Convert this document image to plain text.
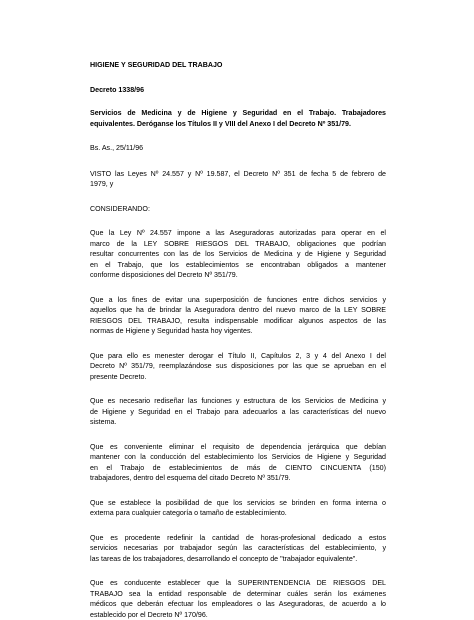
HIGIENE Y SEGURIDAD DEL TRABAJO

Decreto 1338/96

Servicios de Medicina y de Higiene y Seguridad en el Trabajo. Trabajadores
equivalentes. Deróganse los Títulos II y VIII del Anexo I del Decreto Nº 351/79.

Bs. As., 25/11/96

VISTO las Leyes Nº 24.557 y Nº 19.587, el Decreto Nº 351 de fecha 5 de febrero de
1979, y

CONSIDERANDO:

Que la Ley Nº 24.557 impone a las Aseguradoras autorizadas para operar en el
marco de la LEY SOBRE RIESGOS DEL TRABAJO, obligaciones que podrían
resultar concurrentes con las de los Servicios de Medicina y de Higiene y Seguridad
en el Trabajo, que los establecimientos se encontraban obligados a mantener
conforme disposiciones del Decreto Nº 351/79.

Que a los fines de evitar una superposición de funciones entre dichos servicios y
aquellos que ha de brindar la Aseguradora dentro del nuevo marco de la LEY SOBRE
RIESGOS DEL TRABAJO, resulta indispensable modificar algunos aspectos de las
normas de Higiene y Seguridad hasta hoy vigentes.

Que para ello es menester derogar el Título II, Capítulos 2, 3 y 4 del Anexo I del
Decreto Nº 351/79, reemplazándose sus disposiciones por las que se aprueban en el
presente Decreto.

Que es necesario rediseñar las funciones y estructura de los Servicios de Medicina y
de Higiene y Seguridad en el Trabajo para adecuarlos a las características del nuevo
sistema.

Que es conveniente eliminar el requisito de dependencia jerárquica que debían
mantener con la conducción del establecimiento los Servicios de Higiene y Seguridad
en el Trabajo de establecimientos de más de CIENTO CINCUENTA (150)
trabajadores, dentro del esquema del citado Decreto Nº 351/79.

Que se establece la posibilidad de que los servicios se brinden en forma interna o
externa para cualquier categoría o tamaño de establecimiento.

Que es procedente redefinir la cantidad de horas-profesional dedicado a estos
servicios necesarias por trabajador según las características del establecimiento, y
las tareas de los trabajadores, desarrollando el concepto de "trabajador equivalente".

Que es conducente establecer que la SUPERINTENDENCIA DE RIESGOS DEL
TRABAJO sea la entidad responsable de determinar cuáles serán los exámenes
médicos que deberán efectuar los empleadores o las Aseguradoras, de acuerdo a lo
establecido por el Decreto Nº 170/96.
